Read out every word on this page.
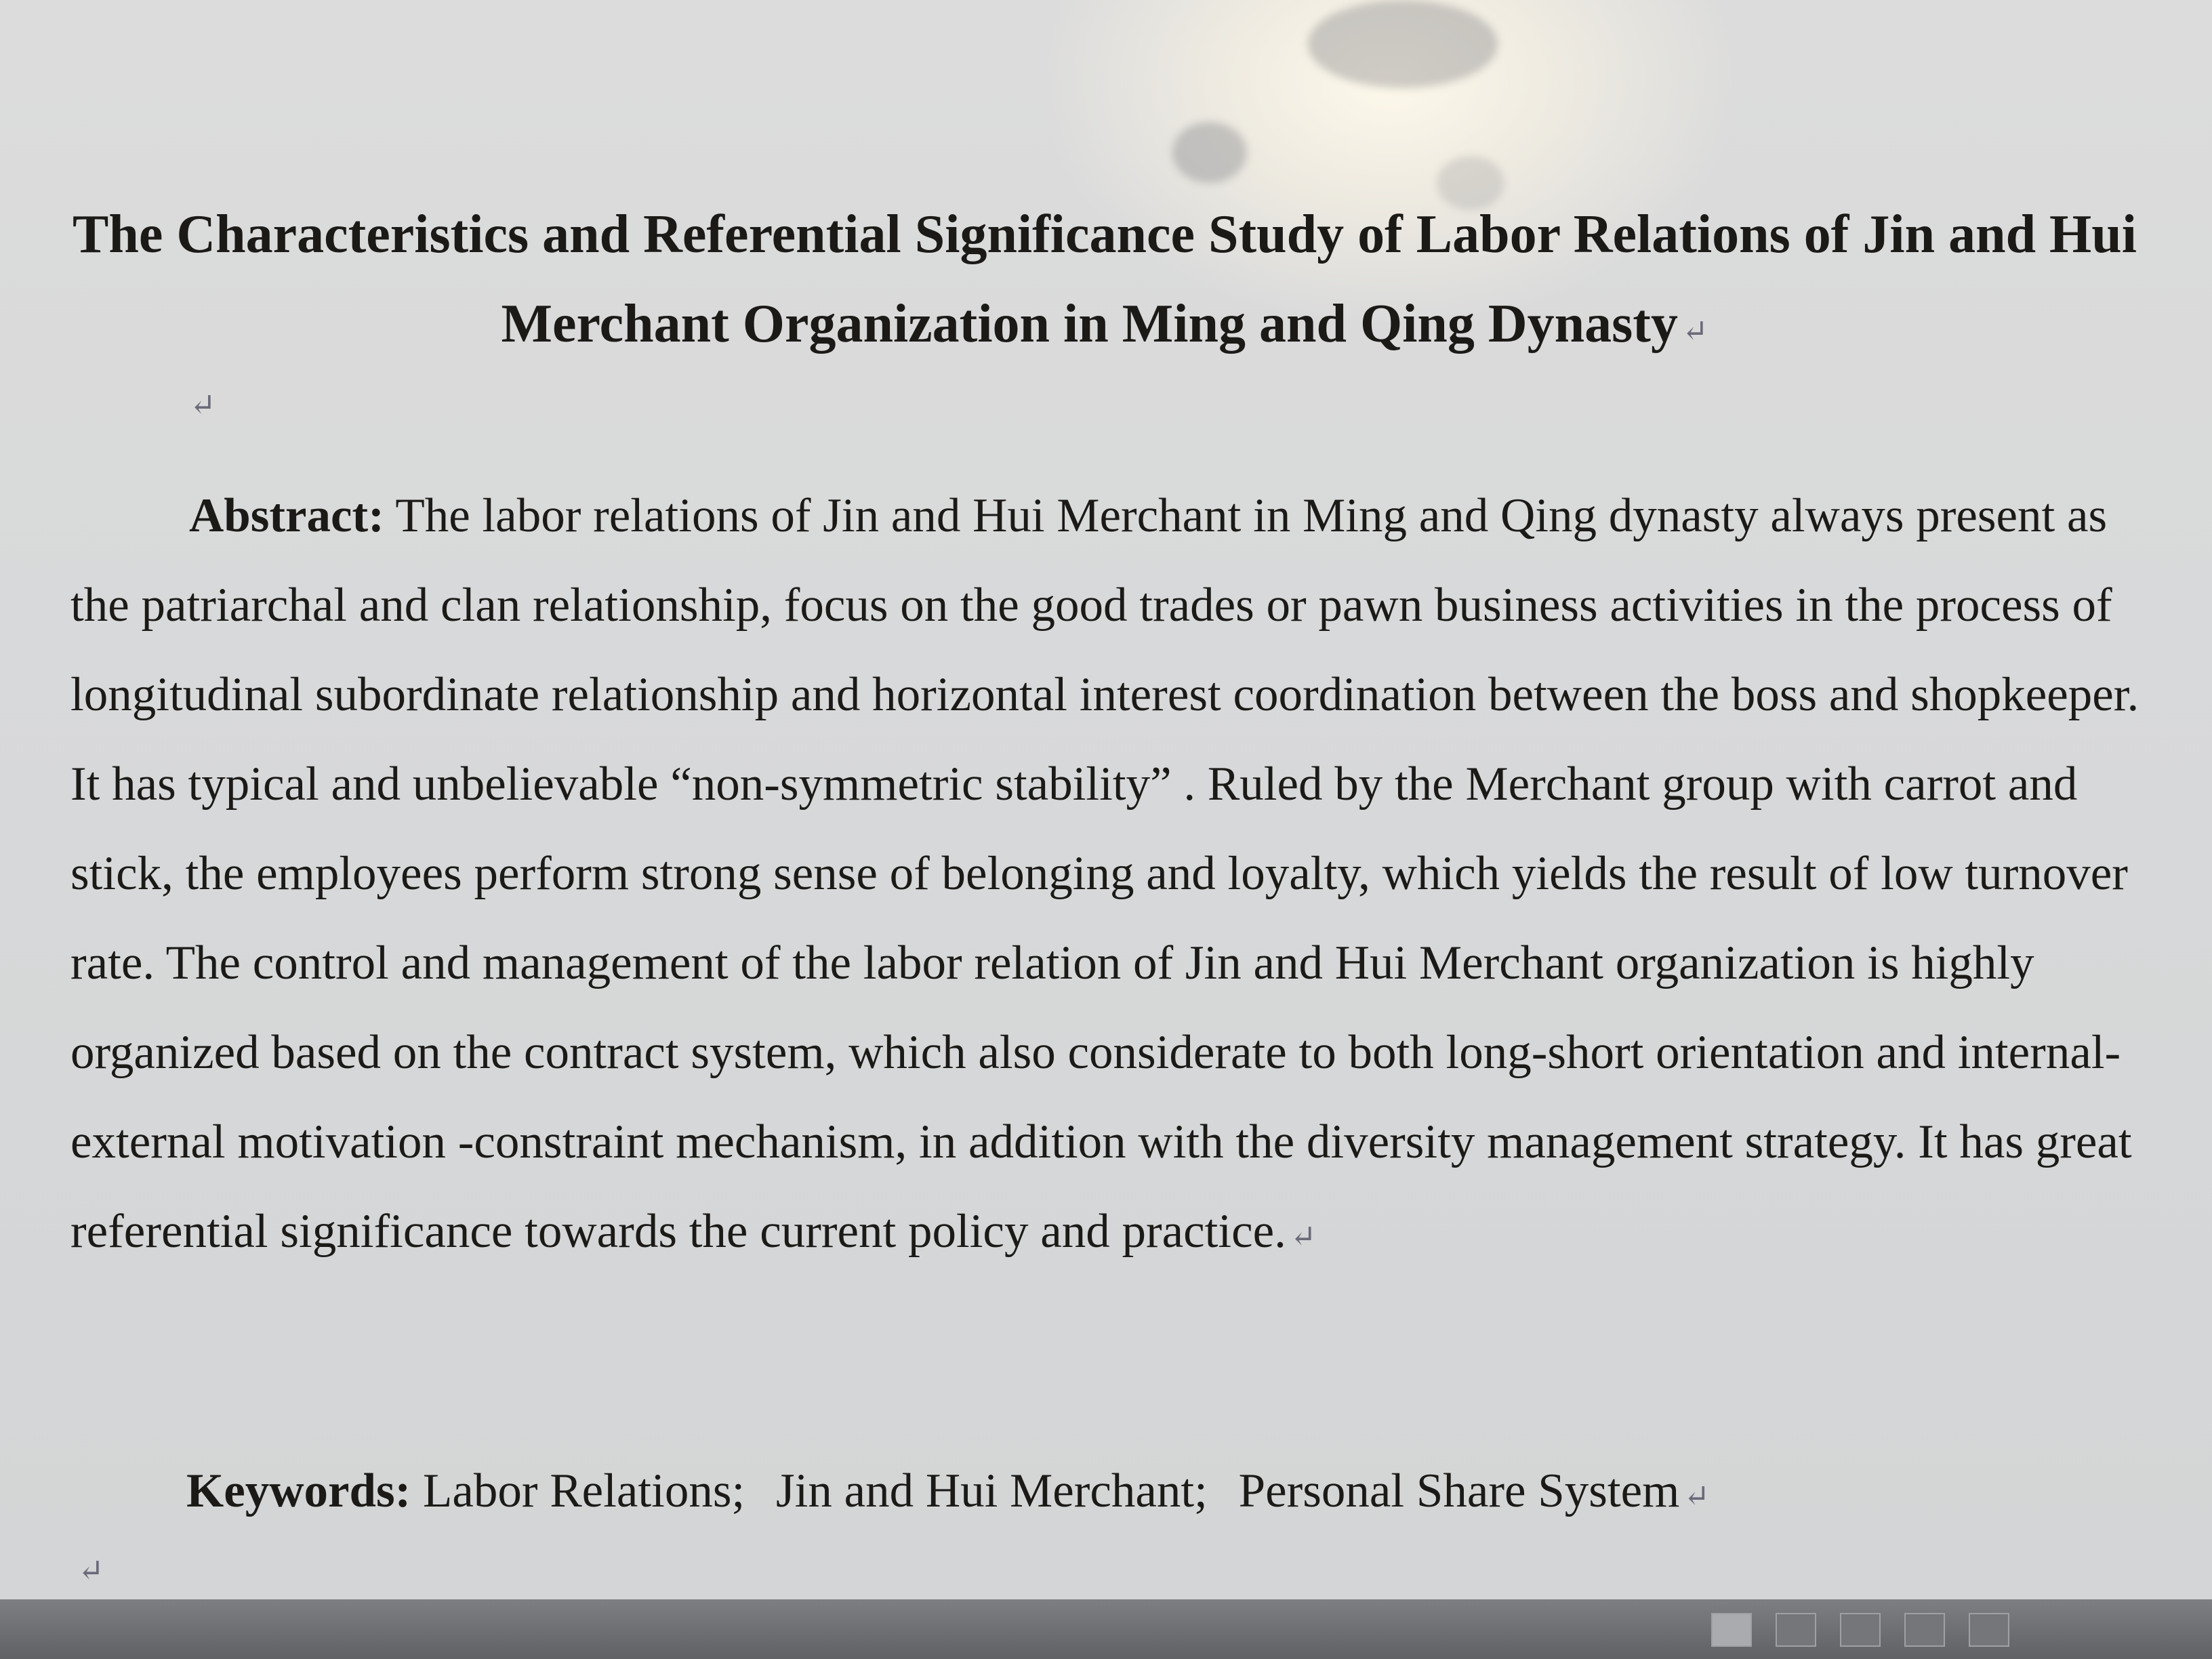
The Characteristics and Referential Significance Study of Labor Relations of Jin and Hui Merchant Organization in Ming and Qing Dynasty ↵
↵
Abstract: The labor relations of Jin and Hui Merchant in Ming and Qing dynasty always present as the patriarchal and clan relationship, focus on the good trades or pawn business activities in the process of longitudinal subordinate relationship and horizontal interest coordination between the boss and shopkeeper. It has typical and unbelievable “non-symmetric stability” . Ruled by the Merchant group with carrot and stick, the employees perform strong sense of belonging and loyalty, which yields the result of low turnover rate. The control and management of the labor relation of Jin and Hui Merchant organization is highly organized based on the contract system, which also considerate to both long-short orientation and internal-external motivation -constraint mechanism, in addition with the diversity management strategy. It has great referential significance towards the current policy and practice. ↵
Keywords: Labor Relations; Jin and Hui Merchant; Personal Share System ↵
↵
